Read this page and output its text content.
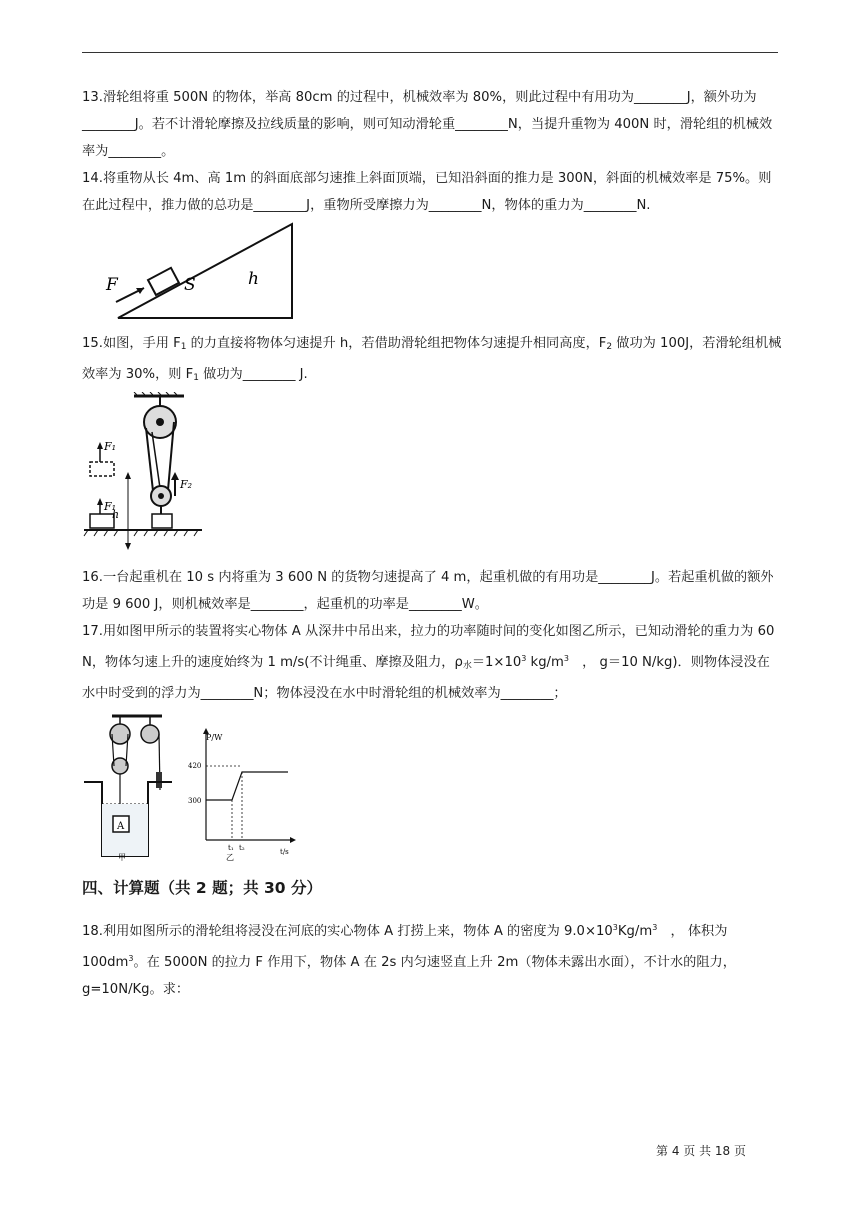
13.滑轮组将重 500N 的物体，举高 80cm 的过程中，机械效率为 80%，则此过程中有用功为________J，额外功为________J。若不计滑轮摩擦及拉线质量的影响，则可知动滑轮重________N，当提升重物为 400N 时，滑轮组的机械效率为________。

14.将重物从长 4m、高 1m 的斜面底部匀速推上斜面顶端，已知沿斜面的推力是 300N，斜面的机械效率是 75%。则在此过程中，推力做的总功是________J，重物所受摩擦力为________N，物体的重力为________N.

F	S	h

15.如图，手用 $F_1$ 的力直接将物体匀速提升 h，若借助滑轮组把物体匀速提升相同高度，$F_2$ 做功为 100J，若滑轮组机械效率为 30%，则 $F_1$ 做功为________ J.

F₂
F₁
F₁
h

16.一台起重机在 10 s 内将重为 3 600 N 的货物匀速提高了 4 m，起重机做的有用功是________J。若起重机做的额外功是 9 600 J，则机械效率是________，起重机的功率是________W。

17.用如图甲所示的装置将实心物体 A 从深井中吊出来，拉力的功率随时间的变化如图乙所示，已知动滑轮的重力为 60 N，物体匀速上升的速度始终为 1 m/s(不计绳重、摩擦及阻力，$\rho_水=1\times 10^3$ $kg/m^3$　， g＝10 N/kg)．则物体浸没在水中时受到的浮力为________N；物体浸没在水中时滑轮组的机械效率为________；

A
甲
P/W
t/s
420
300
t₁ t₂
乙
四、计算题（共 2 题；共 30 分）

18.利用如图所示的滑轮组将浸没在河底的实心物体 A 打捞上来，物体 A 的密度为 $9.0\times 10^3Kg/m^3$　， 体积为 $100dm^3$。在 5000N 的拉力 F 作用下，物体 A 在 2s 内匀速竖直上升 2m（物体未露出水面），不计水的阻力，g=10N/Kg。求：

第 4 页 共 18 页
